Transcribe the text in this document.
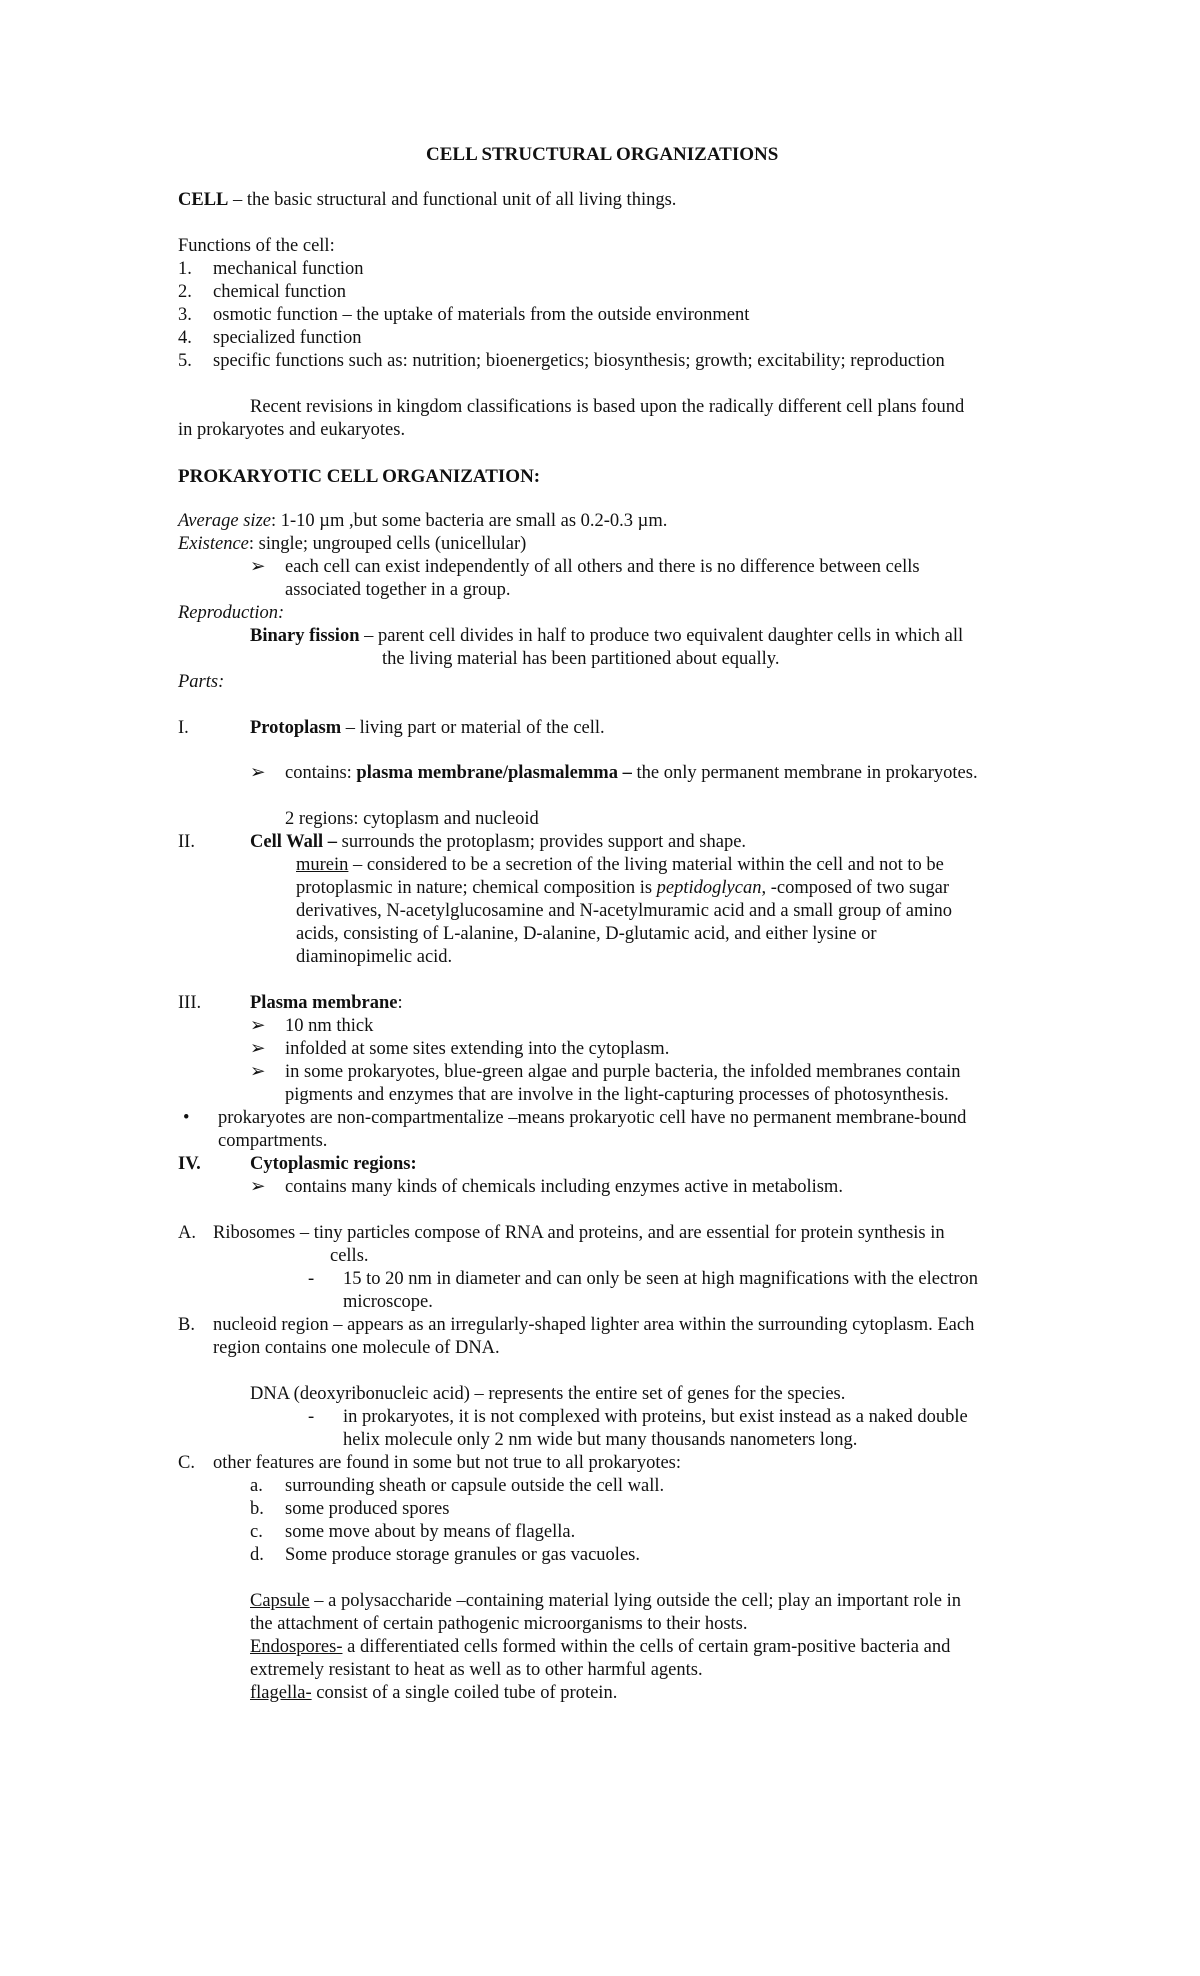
CELL STRUCTURAL ORGANIZATIONS
CELL – the basic structural and functional unit of all living things.
Functions of the cell:
1. mechanical function
2. chemical function
3. osmotic function – the uptake of materials from the outside environment
4. specialized function
5. specific functions such as: nutrition; bioenergetics; biosynthesis; growth; excitability; reproduction
Recent revisions in kingdom classifications is based upon the radically different cell plans found
in prokaryotes and eukaryotes.
PROKARYOTIC CELL ORGANIZATION:
Average size: 1-10 µm ,but some bacteria are small as 0.2-0.3 µm.
Existence: single; ungrouped cells (unicellular)
➢ each cell can exist independently of all others and there is no difference between cells
associated together in a group.
Reproduction:
Binary fission – parent cell divides in half to produce two equivalent daughter cells in which all
the living material has been partitioned about equally.
Parts:
I.	Protoplasm – living part or material of the cell.
➢ contains: plasma membrane/plasmalemma – the only permanent membrane in prokaryotes.
2 regions: cytoplasm and nucleoid
II.	Cell Wall – surrounds the protoplasm; provides support and shape.
murein – considered to be a secretion of the living material within the cell and not to be
protoplasmic in nature; chemical composition is peptidoglycan, -composed of two sugar
derivatives, N-acetylglucosamine and N-acetylmuramic acid and a small group of amino
acids, consisting of L-alanine, D-alanine, D-glutamic acid, and either lysine or
diaminopimelic acid.
III.	Plasma membrane:
➢ 10 nm thick
➢ infolded at some sites extending into the cytoplasm.
➢ in some prokaryotes, blue-green algae and purple bacteria, the infolded membranes contain
pigments and enzymes that are involve in the light-capturing processes of photosynthesis.
• prokaryotes are non-compartmentalize –means prokaryotic cell have no permanent membrane-bound
compartments.
IV.	Cytoplasmic regions:
➢ contains many kinds of chemicals including enzymes active in metabolism.
A. Ribosomes – tiny particles compose of RNA and proteins, and are essential for protein synthesis in
cells.
- 15 to 20 nm in diameter and can only be seen at high magnifications with the electron
microscope.
B. nucleoid region – appears as an irregularly-shaped lighter area within the surrounding cytoplasm. Each
region contains one molecule of DNA.
DNA (deoxyribonucleic acid) – represents the entire set of genes for the species.
- in prokaryotes, it is not complexed with proteins, but exist instead as a naked double
helix molecule only 2 nm wide but many thousands nanometers long.
C. other features are found in some but not true to all prokaryotes:
a. surrounding sheath or capsule outside the cell wall.
b. some produced spores
c. some move about by means of flagella.
d. Some produce storage granules or gas vacuoles.
Capsule – a polysaccharide –containing material lying outside the cell; play an important role in
the attachment of certain pathogenic microorganisms to their hosts.
Endospores- a differentiated cells formed within the cells of certain gram-positive bacteria and
extremely resistant to heat as well as to other harmful agents.
flagella- consist of a single coiled tube of protein.
